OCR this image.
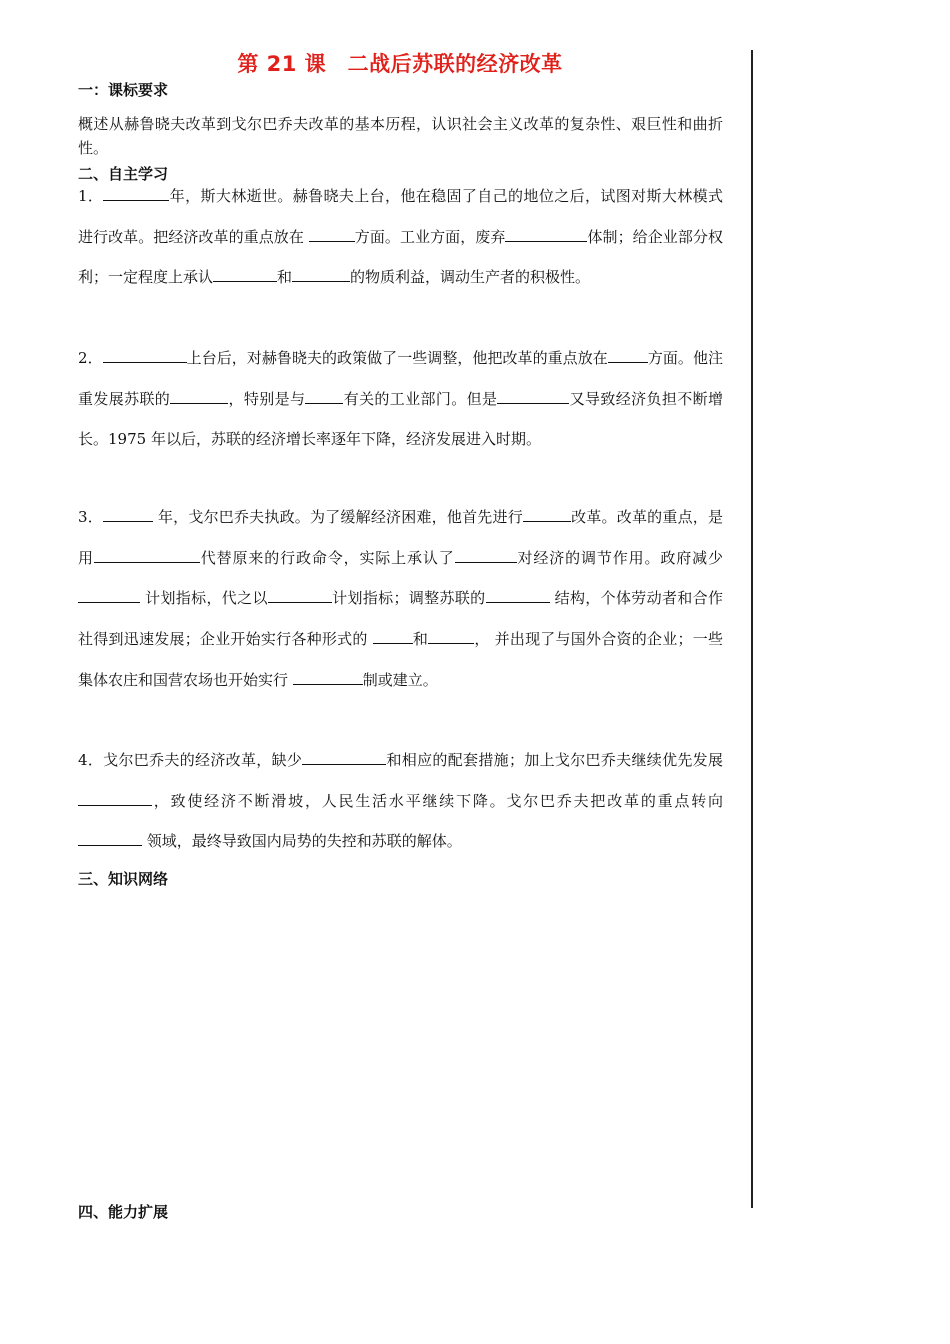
第 21 课　二战后苏联的经济改革
一：课标要求
概述从赫鲁晓夫改革到戈尔巴乔夫改革的基本历程，认识社会主义改革的复杂性、艰巨性和曲折性。
二、自主学习
1．	年，斯大林逝世。赫鲁晓夫上台，他在稳固了自己的地位之后，试图对斯大林模式进行改革。把经济改革的重点放在	方面。工业方面，废弃	体制；给企业部分权利；一定程度上承认	和	的物质利益，调动生产者的积极性。
2．	上台后，对赫鲁晓夫的政策做了一些调整，他把改革的重点放在	方面。他注重发展苏联的	，特别是与	有关的工业部门。但是	又导致经济负担不断增长。1975 年以后，苏联的经济增长率逐年下降，经济发展进入时期。
3．	年，戈尔巴乔夫执政。为了缓解经济困难，他首先进行	改革。改革的重点，是用	代替原来的行政命令，实际上承认了	对经济的调节作用。政府减少 计划指标，代之以	计划指标；调整苏联的	结构，个体劳动者和合作社得到迅速发展；企业开始实行各种形式的	和	， 并出现了与国外合资的企业；一些集体农庄和国营农场也开始实行	制或建立。
4．戈尔巴乔夫的经济改革，缺少	和相应的配套措施；加上戈尔巴乔夫继续优先发展 ，致使经济不断滑坡，人民生活水平继续下降。戈尔巴乔夫把改革的重点转向 领域，最终导致国内局势的失控和苏联的解体。
三、知识网络
四、能力扩展
